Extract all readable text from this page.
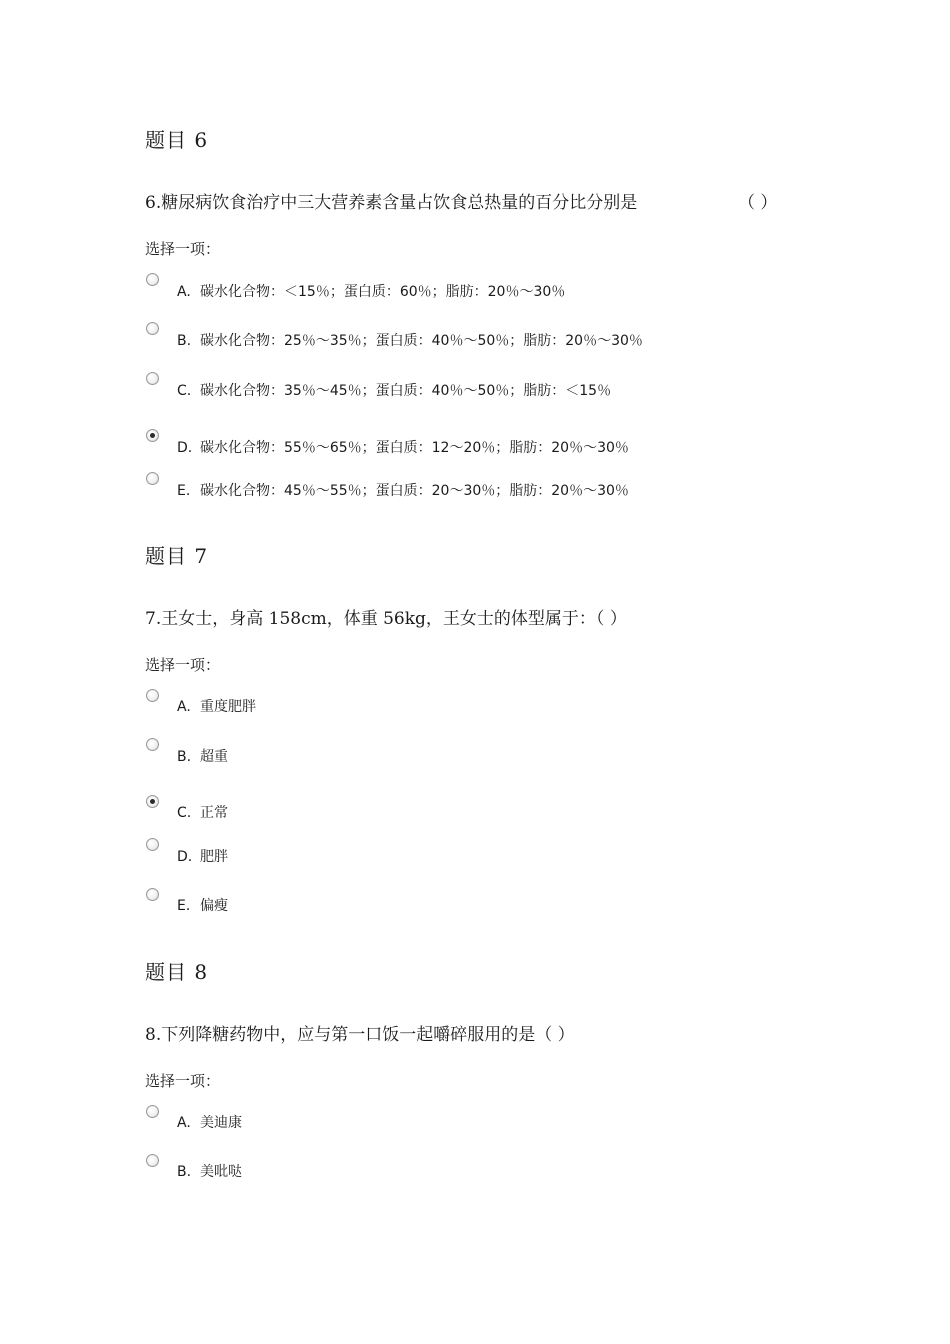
题目 6
6.糖尿病饮食治疗中三大营养素含量占饮食总热量的百分比分别是	（ ）
选择一项：
A. 碳水化合物：＜15％；蛋白质：60％；脂肪：20％～30％
B. 碳水化合物：25％～35％；蛋白质：40％～50％；脂肪：20％～30％
C. 碳水化合物：35％～45％；蛋白质：40％～50％；脂肪：＜15％
D. 碳水化合物：55％～65％；蛋白质：12～20％；脂肪：20％～30％
E. 碳水化合物：45％～55％；蛋白质：20～30％；脂肪：20％～30％
题目 7
7.王女士，身高 158cm，体重 56kg，王女士的体型属于：（ ）
选择一项：
A. 重度肥胖
B. 超重
C. 正常
D. 肥胖
E. 偏瘦
题目 8
8.下列降糖药物中，应与第一口饭一起嚼碎服用的是（ ）
选择一项：
A. 美迪康
B. 美吡哒
